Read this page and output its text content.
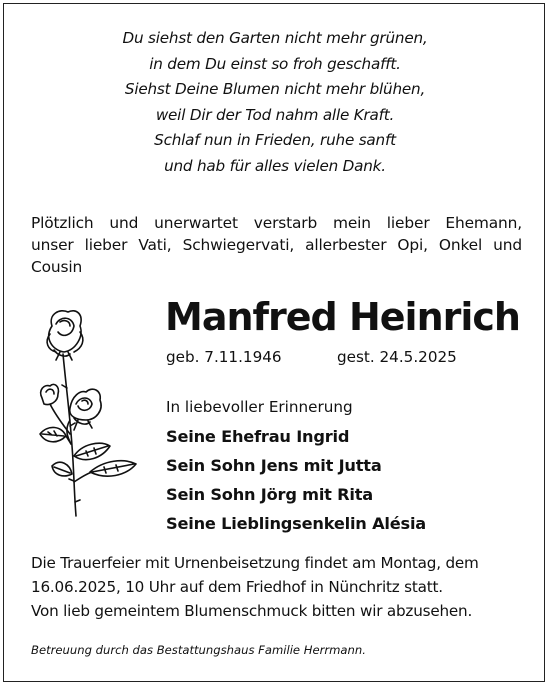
Du siehst den Garten nicht mehr grünen,
in dem Du einst so froh geschafft.
Siehst Deine Blumen nicht mehr blühen,
weil Dir der Tod nahm alle Kraft.
Schlaf nun in Frieden, ruhe sanft
und hab für alles vielen Dank.
Plötzlich und unerwartet verstarb mein lieber Ehemann,
unser lieber Vati, Schwiegervati, allerbester Opi, Onkel und
Cousin
Manfred Heinrich
geb. 7.11.1946	gest. 24.5.2025
In liebevoller Erinnerung
Seine Ehefrau Ingrid
Sein Sohn Jens mit Jutta
Sein Sohn Jörg mit Rita
Seine Lieblingsenkelin Alésia
Die Trauerfeier mit Urnenbeisetzung findet am Montag, dem
16.06.2025, 10 Uhr auf dem Friedhof in Nünchritz statt.
Von lieb gemeintem Blumenschmuck bitten wir abzusehen.
Betreuung durch das Bestattungshaus Familie Herrmann.
